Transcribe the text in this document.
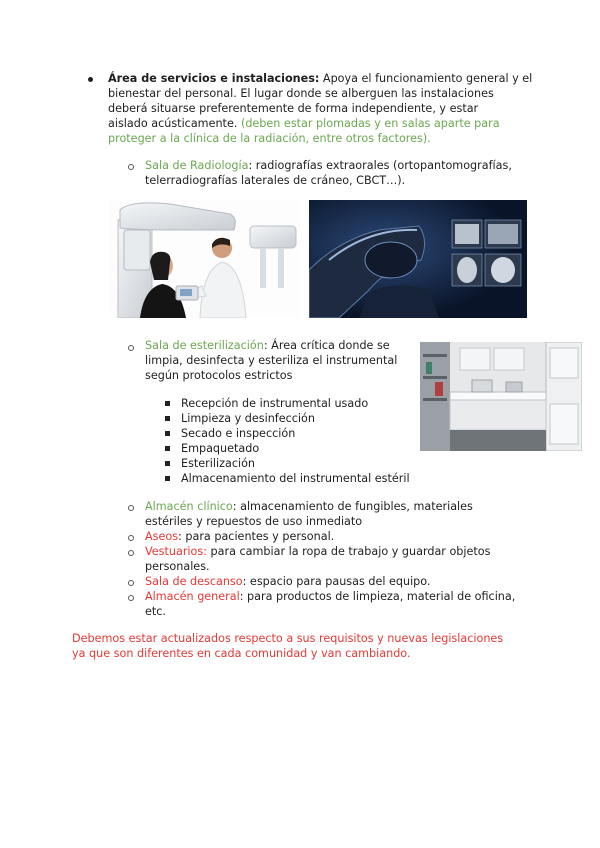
Área de servicios e instalaciones: Apoya el funcionamiento general y el
bienestar del personal. El lugar donde se alberguen las instalaciones
deberá situarse preferentemente de forma independiente, y estar
aislado acústicamente. (deben estar plomadas y en salas aparte para
proteger a la clínica de la radiación, entre otros factores).
Sala de Radiología: radiografías extraorales (ortopantomografías,
telerradiografías laterales de cráneo, CBCT…).
Sala de esterilización: Área crítica donde se
limpia, desinfecta y esteriliza el instrumental
según protocolos estrictos
Recepción de instrumental usado
Limpieza y desinfección
Secado e inspección
Empaquetado
Esterilización
Almacenamiento del instrumental estéril
Almacén clínico: almacenamiento de fungibles, materiales
estériles y repuestos de uso inmediato
Aseos: para pacientes y personal.
Vestuarios: para cambiar la ropa de trabajo y guardar objetos
personales.
Sala de descanso: espacio para pausas del equipo.
Almacén general: para productos de limpieza, material de oficina,
etc.
Debemos estar actualizados respecto a sus requisitos y nuevas legislaciones
ya que son diferentes en cada comunidad y van cambiando.
